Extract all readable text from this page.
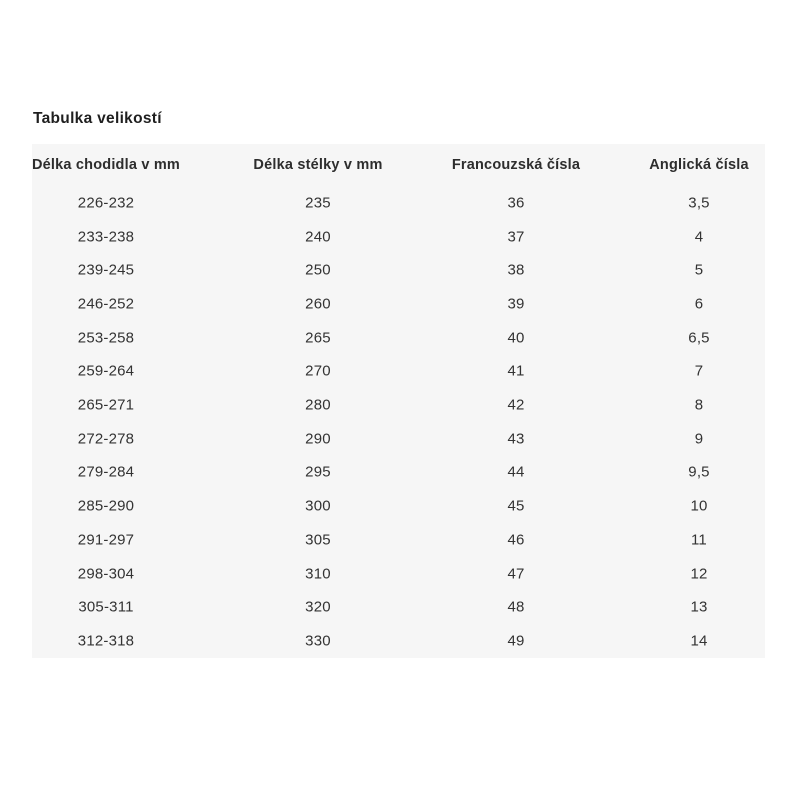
Tabulka velikostí
Délka chodidla v mm	Délka stélky v mm	Francouzská čísla	Anglická čísla
226-232	235	36	3,5
233-238	240	37	4
239-245	250	38	5
246-252	260	39	6
253-258	265	40	6,5
259-264	270	41	7
265-271	280	42	8
272-278	290	43	9
279-284	295	44	9,5
285-290	300	45	10
291-297	305	46	11
298-304	310	47	12
305-311	320	48	13
312-318	330	49	14
